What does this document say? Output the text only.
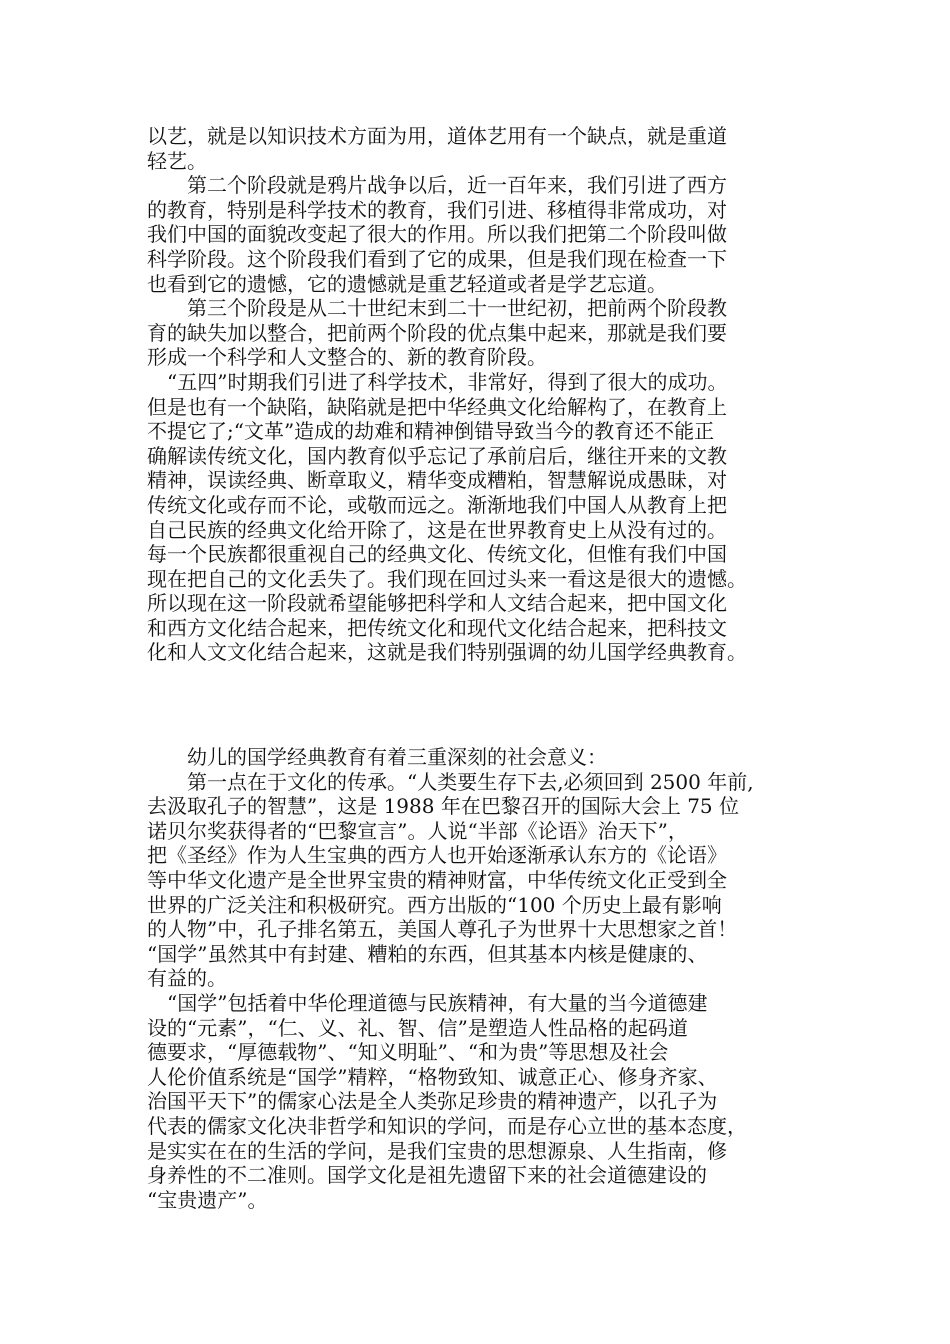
以艺，就是以知识技术方面为用，道体艺用有一个缺点，就是重道
轻艺。
　　第二个阶段就是鸦片战争以后，近一百年来，我们引进了西方
的教育，特别是科学技术的教育，我们引进、移植得非常成功，对
我们中国的面貌改变起了很大的作用。所以我们把第二个阶段叫做
科学阶段。这个阶段我们看到了它的成果，但是我们现在检查一下
也看到它的遗憾，它的遗憾就是重艺轻道或者是学艺忘道。
　　第三个阶段是从二十世纪末到二十一世纪初，把前两个阶段教
育的缺失加以整合，把前两个阶段的优点集中起来，那就是我们要
形成一个科学和人文整合的、新的教育阶段。
　“五四”时期我们引进了科学技术，非常好，得到了很大的成功。
但是也有一个缺陷，缺陷就是把中华经典文化给解构了，在教育上
不提它了;“文革”造成的劫难和精神倒错导致当今的教育还不能正
确解读传统文化，国内教育似乎忘记了承前启后，继往开来的文教
精神，误读经典、断章取义，精华变成糟粕，智慧解说成愚昧，对
传统文化或存而不论，或敬而远之。渐渐地我们中国人从教育上把
自己民族的经典文化给开除了，这是在世界教育史上从没有过的。
每一个民族都很重视自己的经典文化、传统文化，但惟有我们中国
现在把自己的文化丢失了。我们现在回过头来一看这是很大的遗憾。
所以现在这一阶段就希望能够把科学和人文结合起来，把中国文化
和西方文化结合起来，把传统文化和现代文化结合起来，把科技文
化和人文文化结合起来，这就是我们特别强调的幼儿国学经典教育。
　　幼儿的国学经典教育有着三重深刻的社会意义：
　　第一点在于文化的传承。“人类要生存下去,必须回到 2500 年前,
去汲取孔子的智慧”，这是 1988 年在巴黎召开的国际大会上 75 位
诺贝尔奖获得者的“巴黎宣言”。人说“半部《论语》治天下”，
把《圣经》作为人生宝典的西方人也开始逐渐承认东方的《论语》
等中华文化遗产是全世界宝贵的精神财富，中华传统文化正受到全
世界的广泛关注和积极研究。西方出版的“100 个历史上最有影响
的人物”中，孔子排名第五，美国人尊孔子为世界十大思想家之首！
“国学”虽然其中有封建、糟粕的东西，但其基本内核是健康的、
有益的。
　“国学”包括着中华伦理道德与民族精神，有大量的当今道德建
设的“元素”，“仁、义、礼、智、信”是塑造人性品格的起码道
德要求，“厚德载物”、“知义明耻”、“和为贵”等思想及社会
人伦价值系统是“国学”精粹，“格物致知、诚意正心、修身齐家、
治国平天下”的儒家心法是全人类弥足珍贵的精神遗产，以孔子为
代表的儒家文化决非哲学和知识的学问，而是存心立世的基本态度，
是实实在在的生活的学问，是我们宝贵的思想源泉、人生指南，修
身养性的不二准则。国学文化是祖先遗留下来的社会道德建设的
“宝贵遗产”。
